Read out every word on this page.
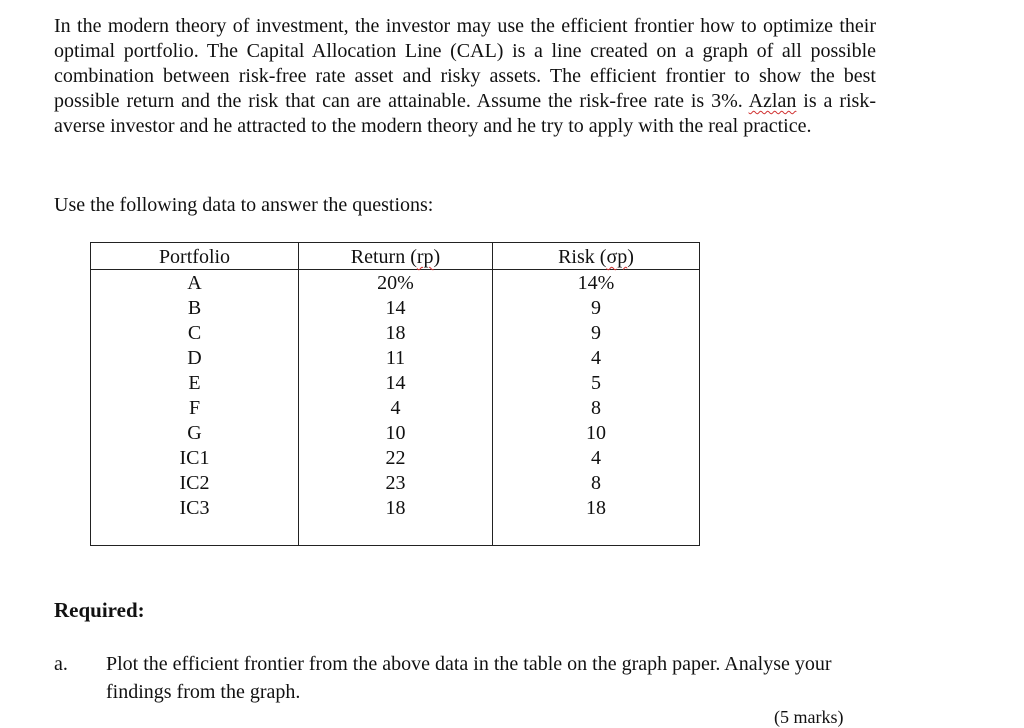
In the modern theory of investment, the investor may use the efficient frontier how to optimize their optimal portfolio. The Capital Allocation Line (CAL) is a line created on a graph of all possible combination between risk-free rate asset and risky assets. The efficient frontier to show the best possible return and the risk that can are attainable. Assume the risk-free rate is 3%. Azlan is a risk-averse investor and he attracted to the modern theory and he try to apply with the real practice.

Use the following data to answer the questions:

Portfolio
A
B
C
D
E
F
G
IC1
IC2
IC3
Return (rp)
20%
14
18
11
14
4
10
22
23
18
Risk (σp)
14%
9
9
4
5
8
10
4
8
18

Required:

a. Plot the efficient frontier from the above data in the table on the graph paper. Analyse your findings from the graph.

(5 marks)
